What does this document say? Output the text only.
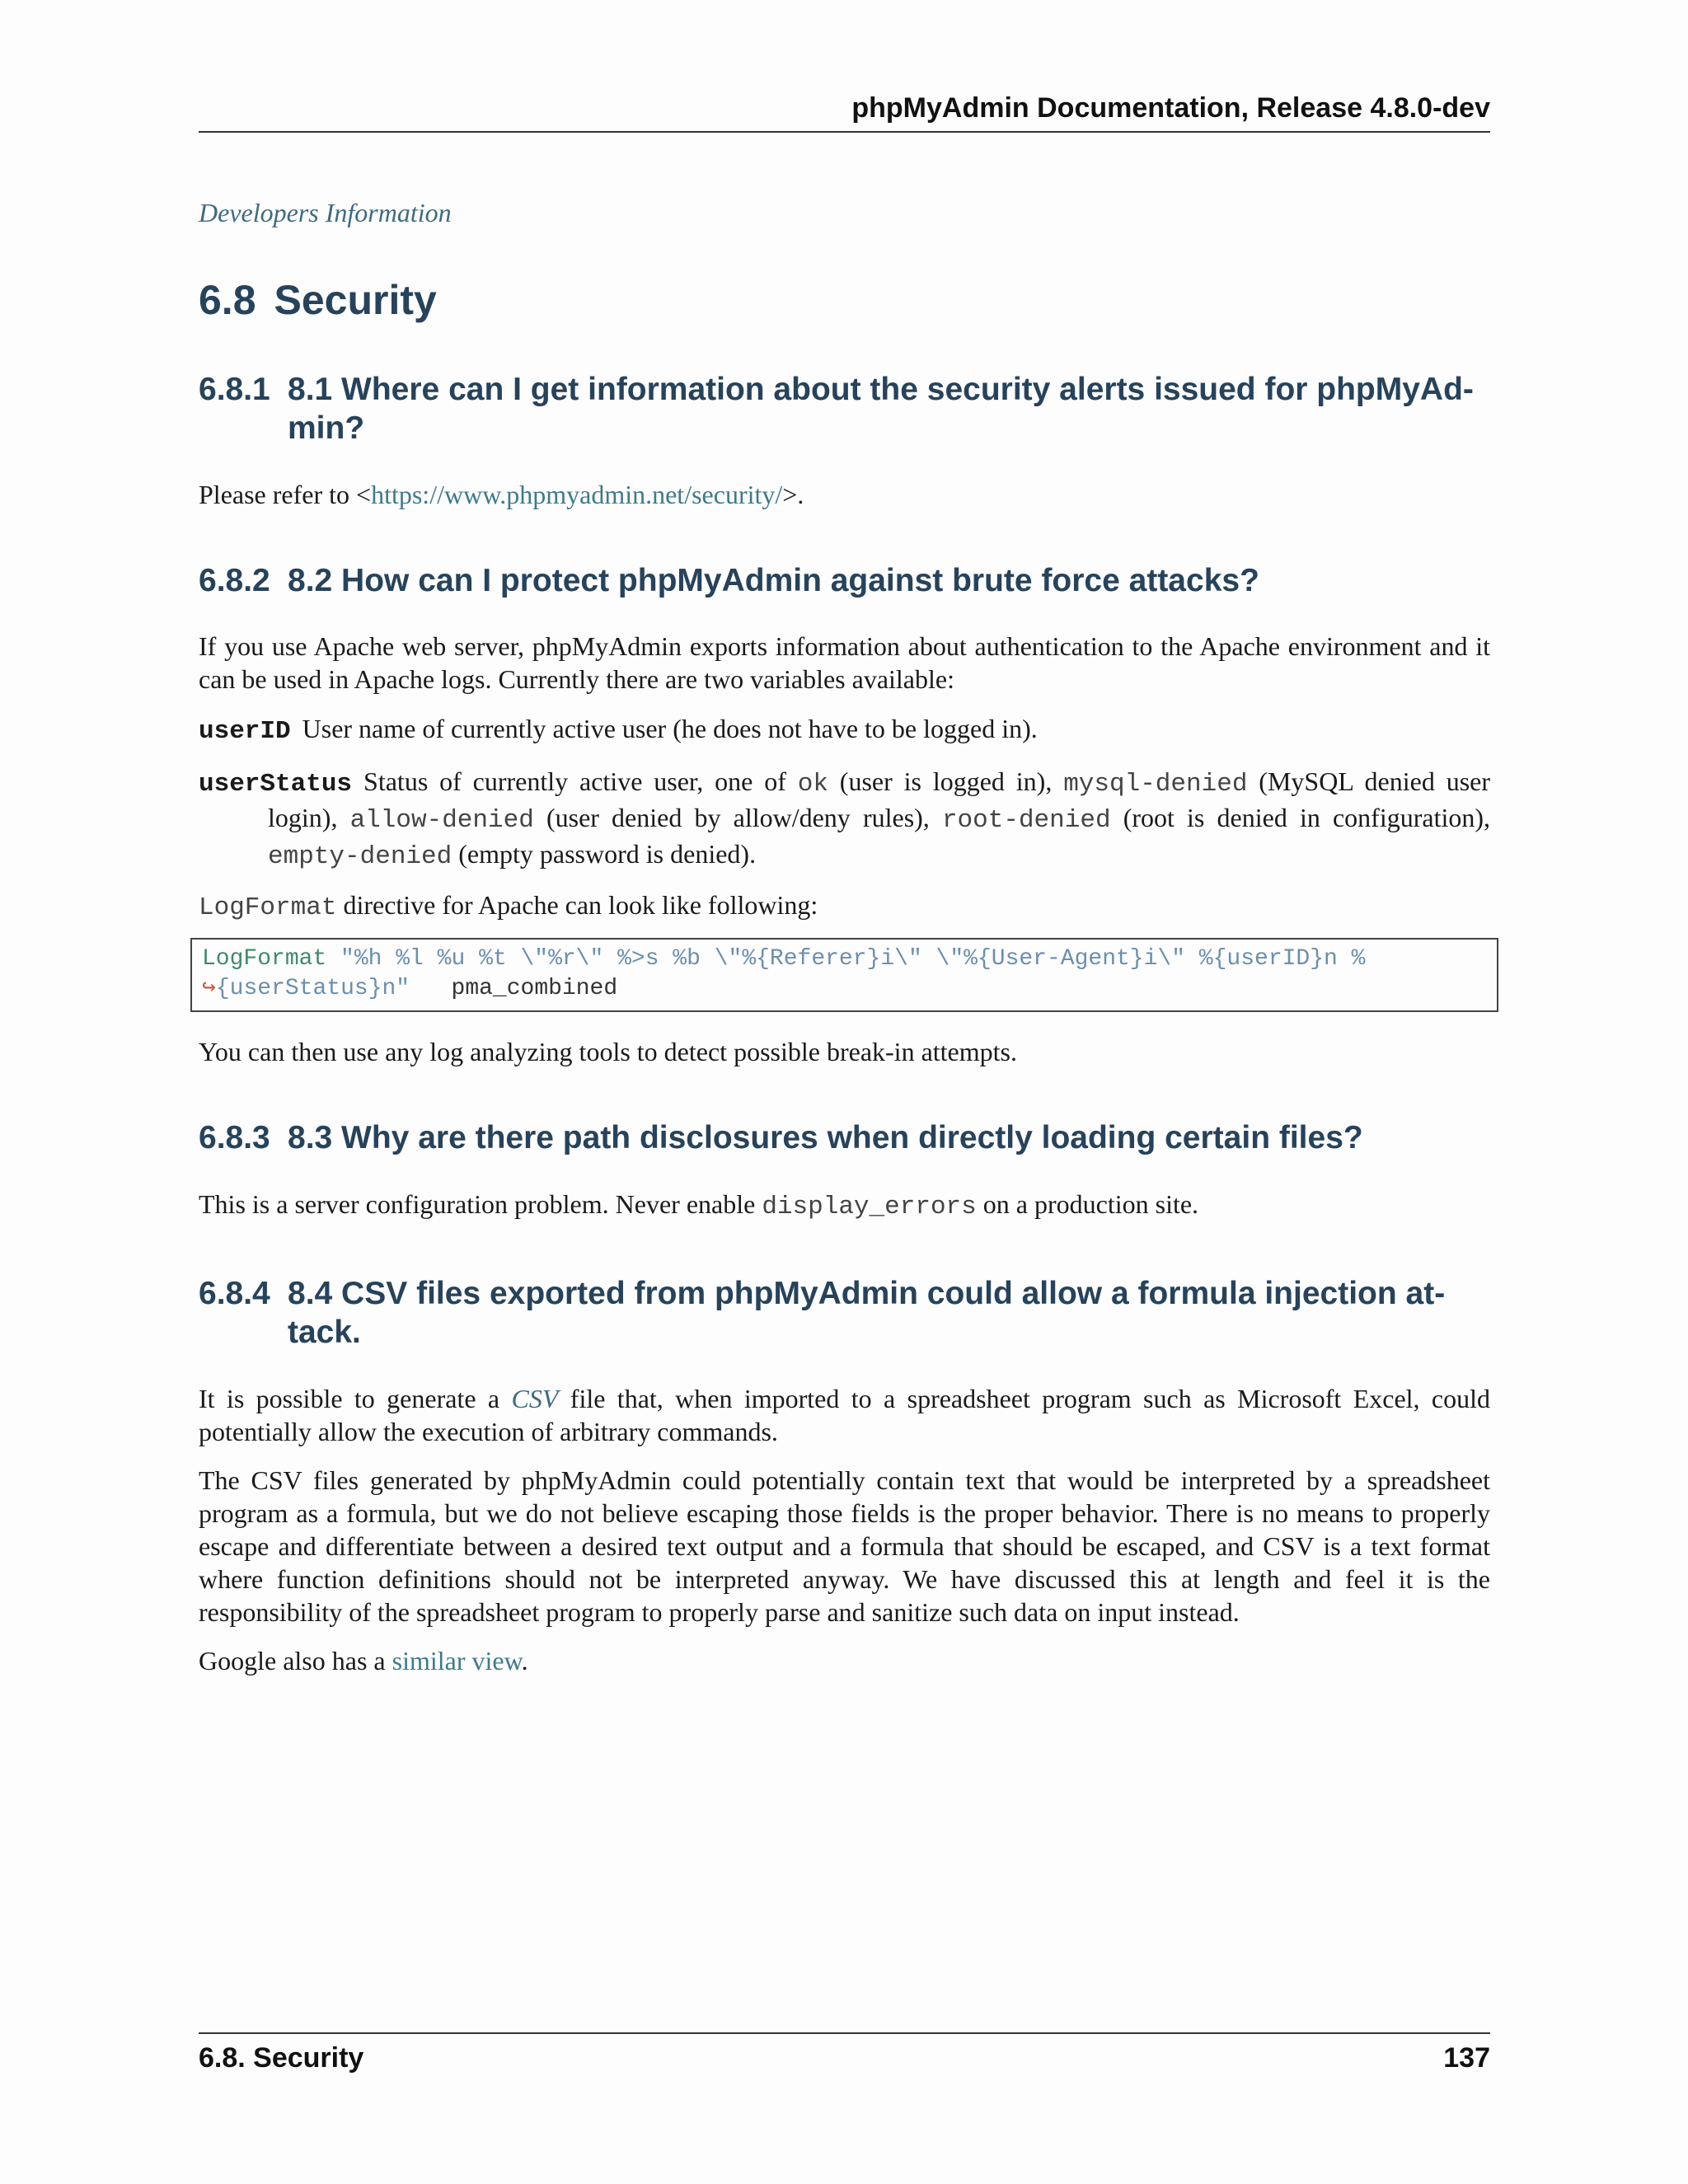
phpMyAdmin Documentation, Release 4.8.0-dev
Developers Information
6.8 Security
6.8.1 8.1 Where can I get information about the security alerts issued for phpMyAd-min?

Please refer to <https://www.phpmyadmin.net/security/>.

6.8.2 8.2 How can I protect phpMyAdmin against brute force attacks?

If you use Apache web server, phpMyAdmin exports information about authentication to the Apache environment and it can be used in Apache logs. Currently there are two variables available:

userID User name of currently active user (he does not have to be logged in).

userStatus Status of currently active user, one of ok (user is logged in), mysql-denied (MySQL denied user login), allow-denied (user denied by allow/deny rules), root-denied (root is denied in configuration), empty-denied (empty password is denied).

LogFormat directive for Apache can look like following:

LogFormat "%h %l %u %t \"%r\" %>s %b \"%{Referer}i\" \"%{User-Agent}i\" %{userID}n %
↪{userStatus}n"   pma_combined

You can then use any log analyzing tools to detect possible break-in attempts.

6.8.3 8.3 Why are there path disclosures when directly loading certain files?

This is a server configuration problem. Never enable display_errors on a production site.

6.8.4 8.4 CSV files exported from phpMyAdmin could allow a formula injection at-tack.

It is possible to generate a CSV file that, when imported to a spreadsheet program such as Microsoft Excel, could potentially allow the execution of arbitrary commands.

The CSV files generated by phpMyAdmin could potentially contain text that would be interpreted by a spreadsheet program as a formula, but we do not believe escaping those fields is the proper behavior. There is no means to properly escape and differentiate between a desired text output and a formula that should be escaped, and CSV is a text format where function definitions should not be interpreted anyway. We have discussed this at length and feel it is the responsibility of the spreadsheet program to properly parse and sanitize such data on input instead.

Google also has a similar view.

6.8. Security	137
